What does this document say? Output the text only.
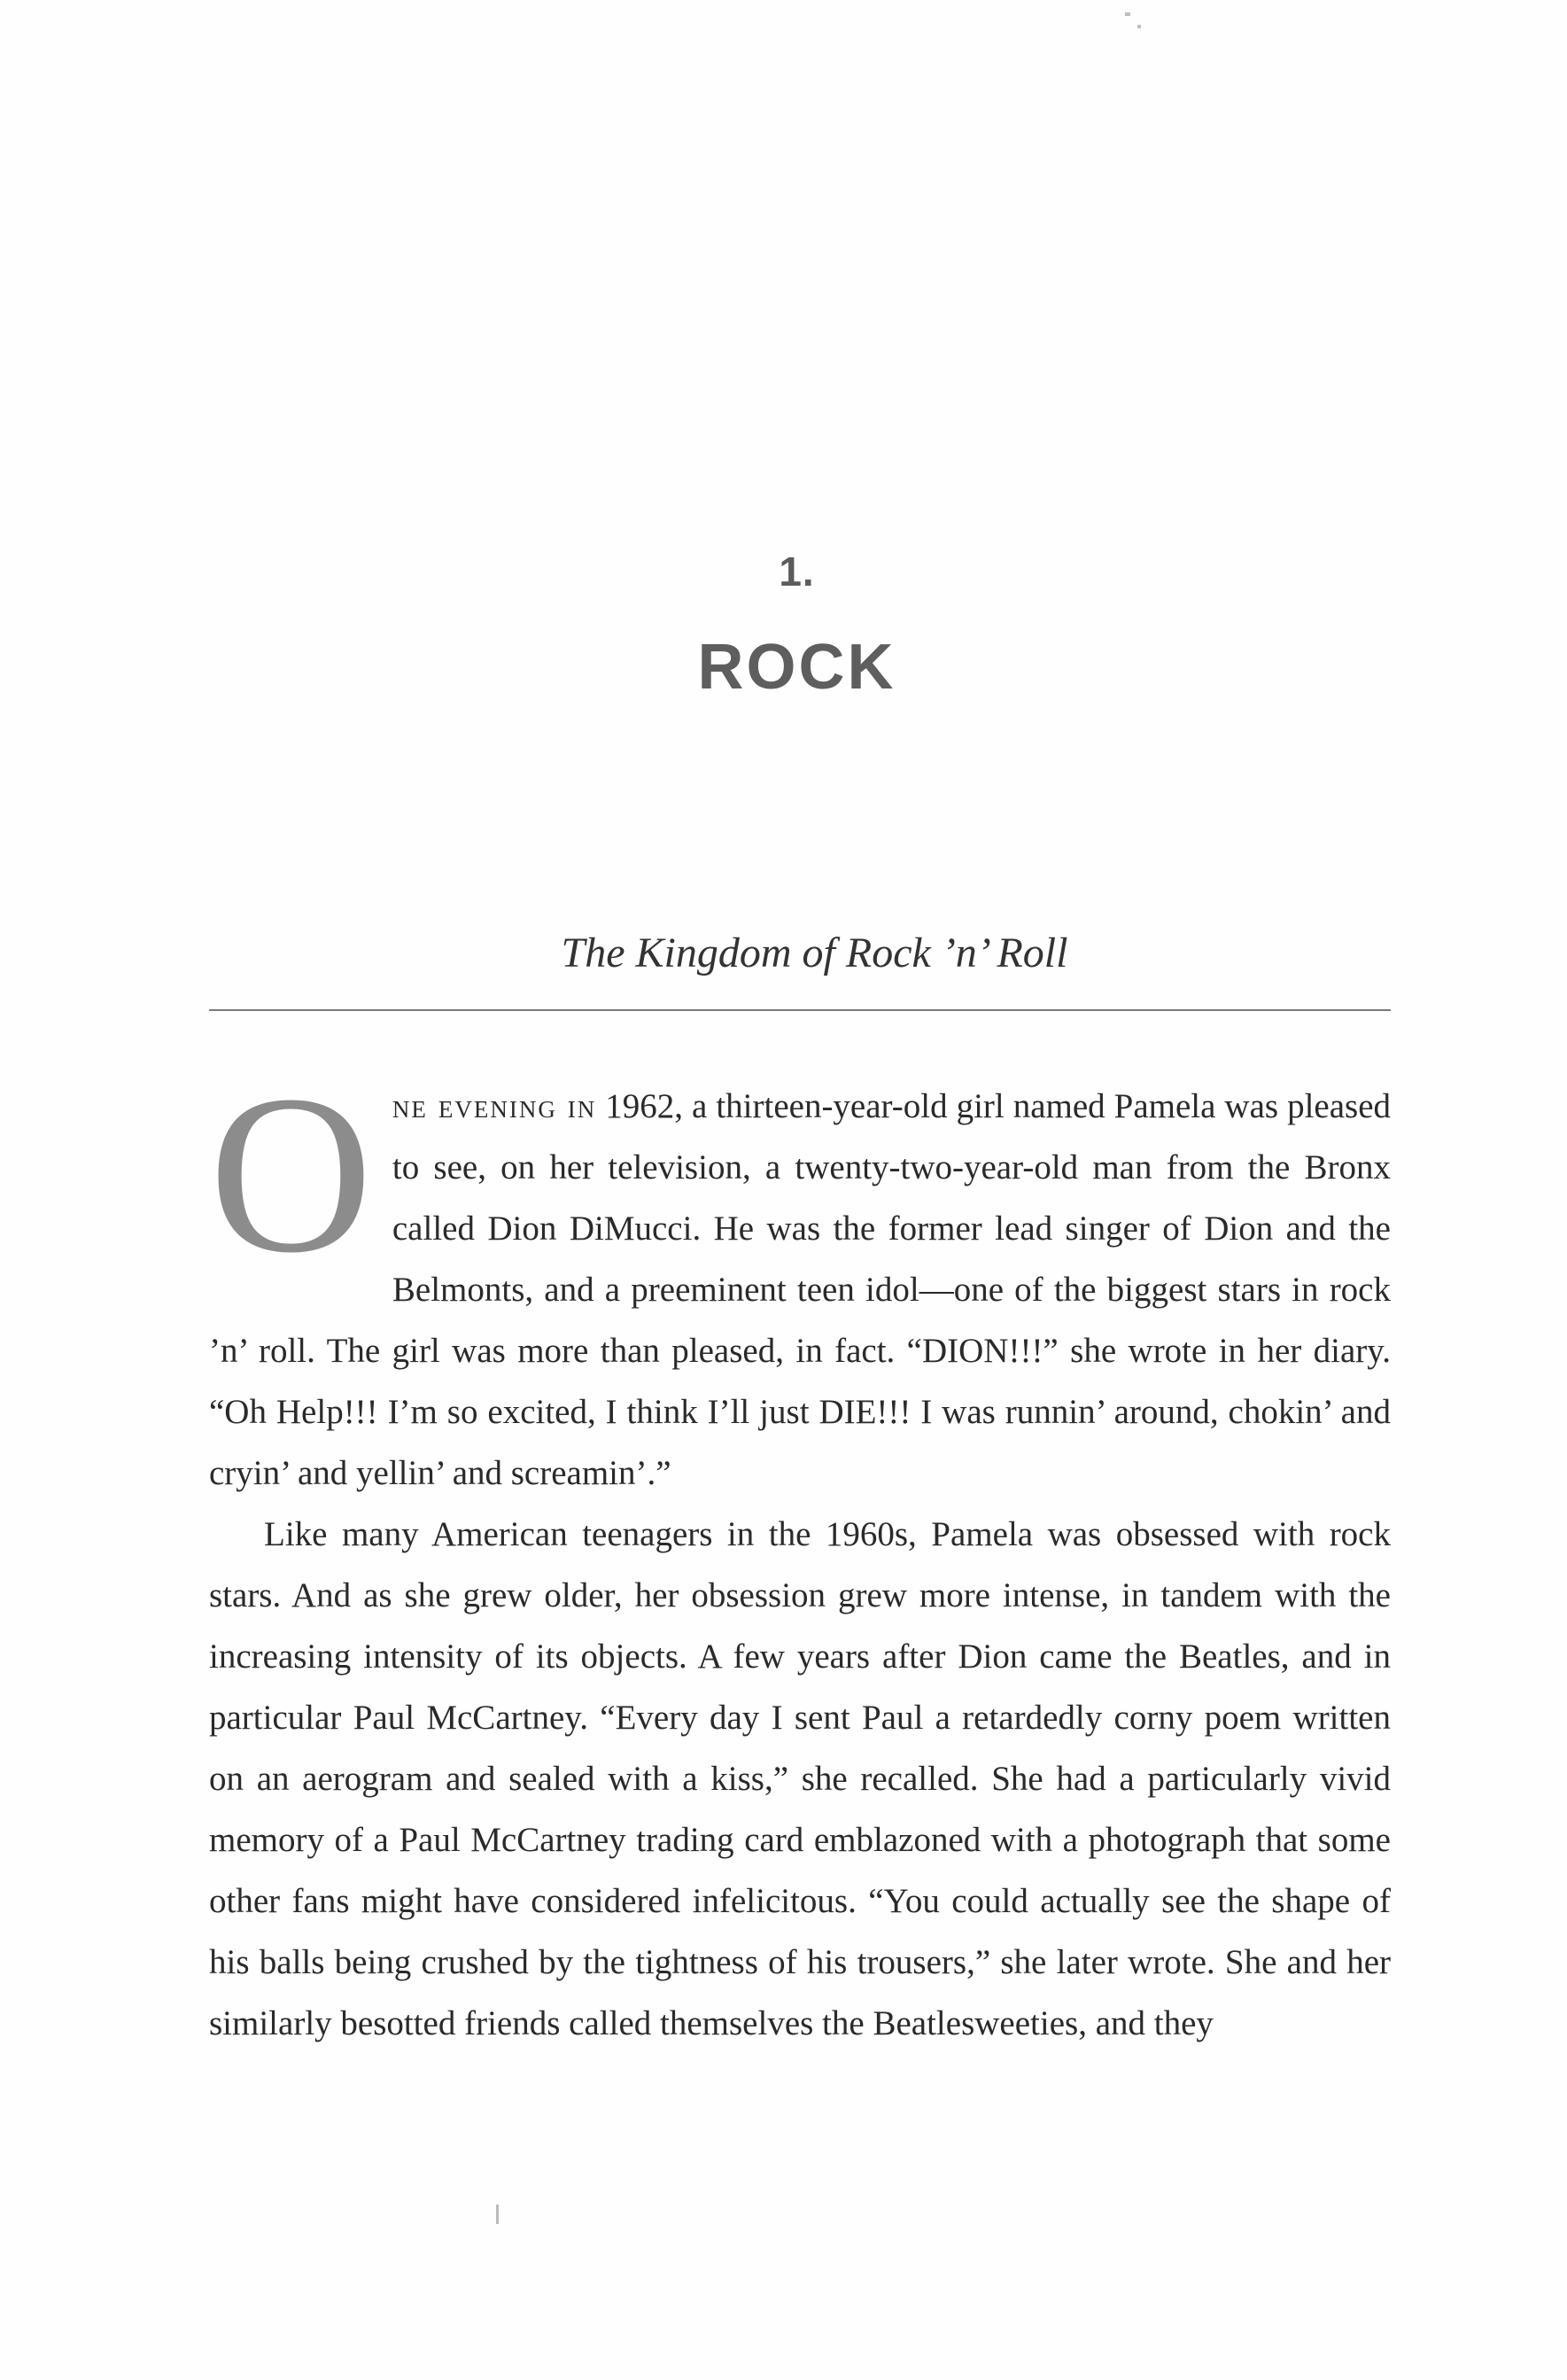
1.
ROCK
The Kingdom of Rock ’n’ Roll

One evening in 1962, a thirteen-year-old girl named Pamela was pleased to see, on her television, a twenty-two-year-old man from the Bronx called Dion DiMucci. He was the former lead singer of Dion and the Belmonts, and a preeminent teen idol—one of the biggest stars in rock ’n’ roll. The girl was more than pleased, in fact. “DION!!!” she wrote in her diary. “Oh Help!!! I’m so excited, I think I’ll just DIE!!! I was runnin’ around, chokin’ and cryin’ and yellin’ and screamin’.”

Like many American teenagers in the 1960s, Pamela was obsessed with rock stars. And as she grew older, her obsession grew more intense, in tandem with the increasing intensity of its objects. A few years after Dion came the Beatles, and in particular Paul McCartney. “Every day I sent Paul a retardedly corny poem written on an aerogram and sealed with a kiss,” she recalled. She had a particularly vivid memory of a Paul McCartney trading card emblazoned with a photograph that some other fans might have considered infelicitous. “You could actually see the shape of his balls being crushed by the tightness of his trousers,” she later wrote. She and her similarly besotted friends called themselves the Beatlesweeties, and they
